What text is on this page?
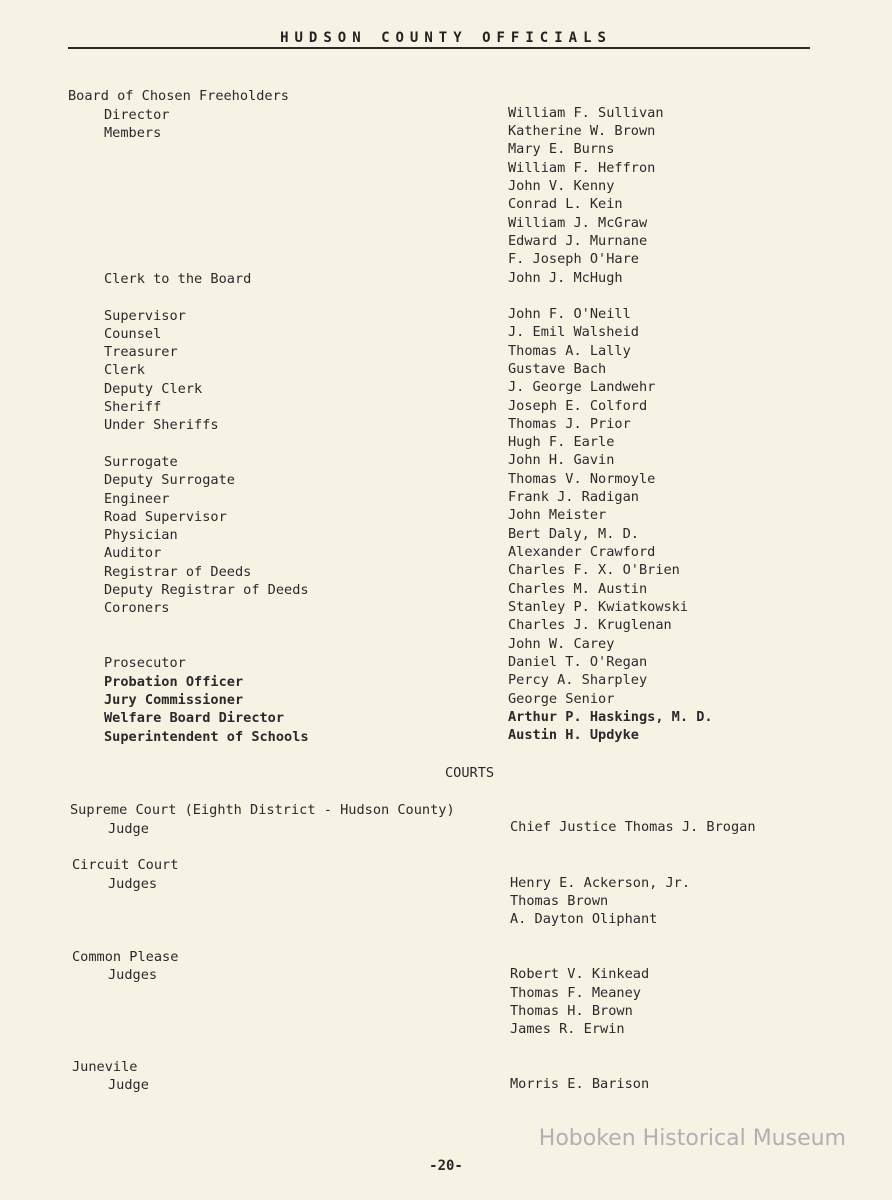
HUDSON COUNTY OFFICIALS
Board of Chosen Freeholders
Director	William F. Sullivan
Members	Katherine W. Brown
Mary E. Burns
William F. Heffron
John V. Kenny
Conrad L. Kein
William J. McGraw
Edward J. Murnane
F. Joseph O'Hare
Clerk to the Board	John J. McHugh
Supervisor	John F. O'Neill
Counsel	J. Emil Walsheid
Treasurer	Thomas A. Lally
Clerk	Gustave Bach
Deputy Clerk	J. George Landwehr
Sheriff	Joseph E. Colford
Under Sheriffs	Thomas J. Prior
Hugh F. Earle
Surrogate	John H. Gavin
Deputy Surrogate	Thomas V. Normoyle
Engineer	Frank J. Radigan
Road Supervisor	John Meister
Physician	Bert Daly, M. D.
Auditor	Alexander Crawford
Registrar of Deeds	Charles F. X. O'Brien
Deputy Registrar of Deeds	Charles M. Austin
Coroners	Stanley P. Kwiatkowski
Charles J. Kruglenan
John W. Carey
Prosecutor	Daniel T. O'Regan
Probation Officer	Percy A. Sharpley
Jury Commissioner	George Senior
Welfare Board Director	Arthur P. Haskings, M. D.
Superintendent of Schools	Austin H. Updyke
COURTS
Supreme Court (Eighth District - Hudson County)
Judge	Chief Justice Thomas J. Brogan
Circuit Court
Judges	Henry E. Ackerson, Jr.
Thomas Brown
A. Dayton Oliphant
Common Please
Judges	Robert V. Kinkead
Thomas F. Meaney
Thomas H. Brown
James R. Erwin
Junevile
Judge	Morris E. Barison
Hoboken Historical Museum
-20-
